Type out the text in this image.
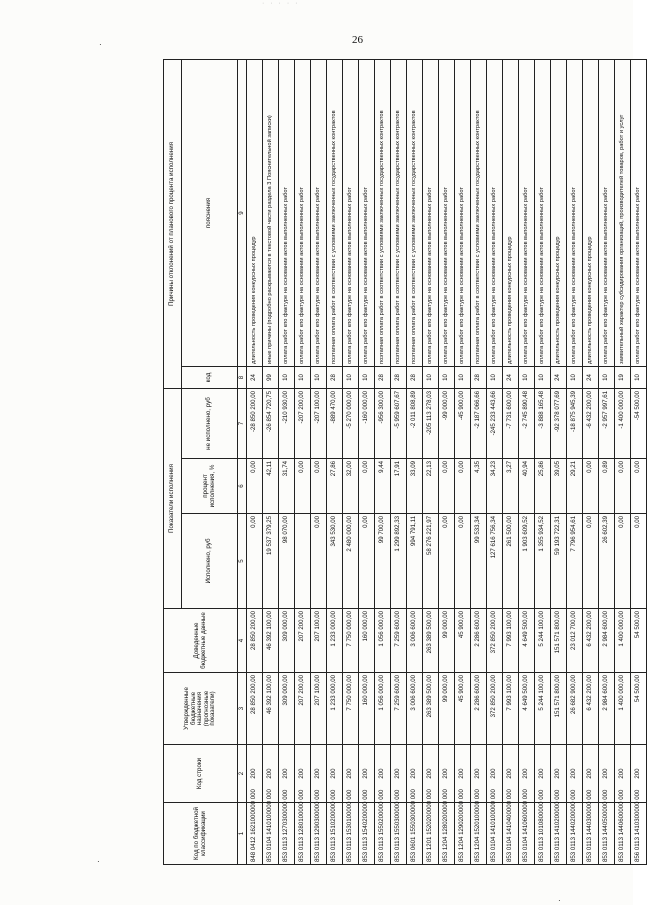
· · · · ·
·	26
·
·
Код по бюджетной классификации	Код строки	Утвержденные бюджетные назначения (прогнозные показатели)	Доведенные бюджетные данные	Показатели исполнения			Причины отклонений от планового процента исполнения	
				Исполнено, руб	процент исполнения, %	не исполнено, руб	код	пояснения
1	2	3	4	5	6	7	8	9
848 0412 1621000000 000	200	28 850 200,00	28 850 200,00	0,00	0,00	-28 850 200,00	24	длительность проведения конкурсных процедур
853 0104 1410100000 000	200	46 392 100,00	46 392 100,00	19 537 379,25	42,11	-26 854 720,75	99	иные причины (подробно раскрываются в текстовой части раздела 3 Пояснительной записки)
853 0113 1270300000 000	200	309 000,00	309 000,00	98 070,00	31,74	-210 930,00	10	оплата работ кпо фактуре на основании актов выполненных работ
853 0113 1280100000 000	200	207 200,00	207 200,00		0,00	-207 200,00	10	оплата работ кпо фактуре на основании актов выполненных работ
853 0113 1290300000 000	200	207 100,00	207 100,00	0,00	0,00	-207 100,00	10	оплата работ кпо фактуре на основании актов выполненных работ
853 0113 1510200000 000	200	1 233 000,00	1 233 000,00	343 530,00	27,86	-889 470,00	28	поэтапная оплата работ в соответствии с условиями заключенных государственных контрактов
853 0113 1530100000 000	200	7 750 000,00	7 750 000,00	2 480 000,00	32,00	-5 270 000,00	10	оплата работ кпо фактуре на основании актов выполненных работ
853 0113 1540200000 000	200	160 000,00	160 000,00	0,00	0,00	-160 000,00	10	оплата работ кпо фактуре на основании актов выполненных работ
853 0113 1550200000 000	200	1 056 000,00	1 056 000,00	99 700,00	9,44	-956 300,00	28	поэтапная оплата работ в соответствии с условиями заключенных государственных контрактов
853 0113 1550300000 000	200	7 259 600,00	7 259 600,00	1 299 892,33	17,91	-5 959 607,67	28	поэтапная оплата работ в соответствии с условиями заключенных государственных контрактов
853 0601 1550300000 000	200	3 006 600,00	3 006 600,00	994 791,11	33,09	-2 011 808,89	28	поэтапная оплата работ в соответствии с условиями заключенных государственных контрактов
853 1201 1520200000 000	200	263 389 500,00	263 389 500,00	58 276 221,97	22,13	-205 113 278,03	10	оплата работ кпо фактуре на основании актов выполненных работ
853 1204 1280200000 000	200	99 000,00	99 000,00	0,00	0,00	-99 000,00	10	оплата работ кпо фактуре на основании актов выполненных работ
853 1204 1290200000 000	200	45 900,00	45 900,00	0,00	0,00	-45 900,00	10	оплата работ кпо фактуре на основании актов выполненных работ
853 1204 1520100000 000	200	2 286 600,00	2 286 600,00	99 533,34	4,35	-2 187 066,66	28	поэтапная оплата работ в соответствии с условиями заключенных государственных контрактов
853 0104 1410100000 000	200	372 850 200,00	372 850 200,00	127 616 756,34	34,23	-245 233 443,66	10	оплата работ кпо фактуре на основании актов выполненных работ
853 0104 1410400000 000	200	7 993 100,00	7 993 100,00	261 500,00	3,27	-7 731 600,00	24	длительность проведения конкурсных процедур
853 0104 1410600000 000	200	4 649 500,00	4 649 500,00	1 903 609,52	40,94	-2 745 890,48	10	оплата работ кпо фактуре на основании актов выполненных работ
853 0113 1010800000 000	200	5 244 100,00	5 244 100,00	1 355 934,52	25,86	-3 888 165,48	10	оплата работ кпо фактуре на основании актов выполненных работ
853 0113 1410200000 000	200	151 571 800,00	151 571 800,00	59 193 722,31	39,05	-92 378 077,69	24	длительность проведения конкурсных процедур
853 0113 1440200000 000	200	26 682 900,00	23 012 700,00	7 796 954,61	29,21	-18 875 945,39	10	оплата работ кпо фактуре на основании актов выполненных работ
853 0113 1440300000 000	200	6 432 200,00	6 432 200,00	0,00	0,00	-6 432 200,00	24	длительность проведения конкурсных процедур
853 0113 1440500000 000	200	2 984 600,00	2 984 600,00	26 602,39	0,89	-2 957 997,61	10	оплата работ кпо фактуре на основании актов выполненных работ
853 0113 1440600000 000	200	1 400 000,00	1 400 000,00	0,00	0,00	-1 400 000,00	19	заявительный характер субсидирования организаций, производителей товаров, работ и услуг
856 0113 1410300000 000	200	54 500,00	54 500,00	0,00	0,00	-54 500,00	10	оплата работ кпо фактуре на основании актов выполненных работ
